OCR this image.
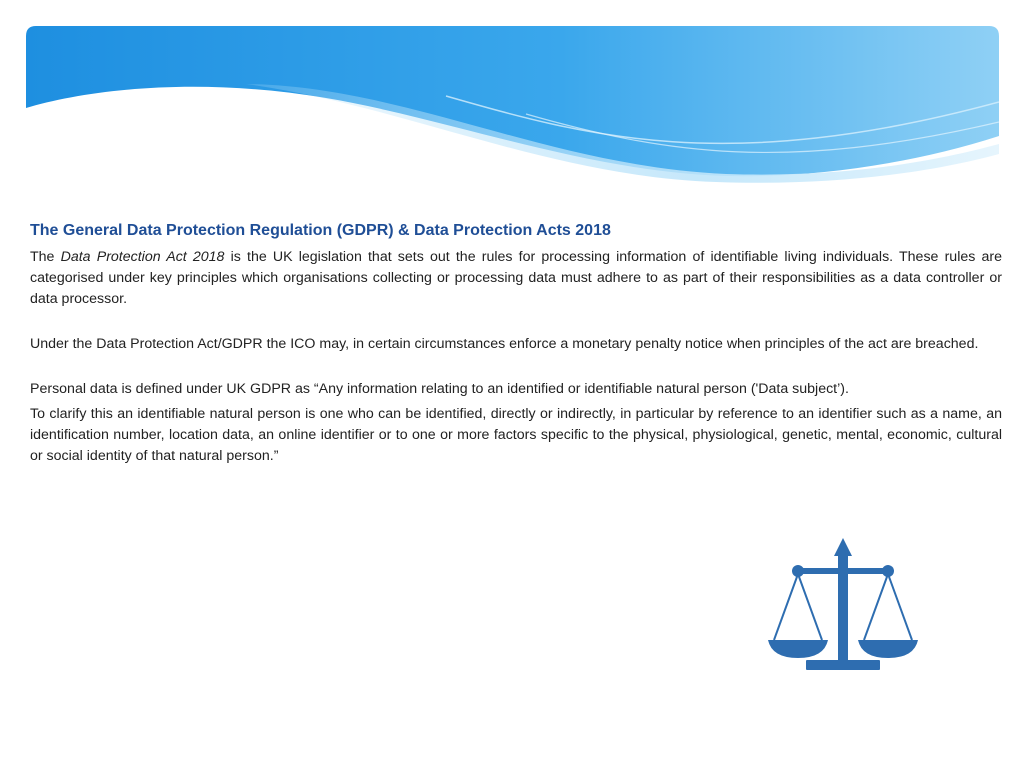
The General Data Protection Regulation (GDPR) & Data Protection Acts 2018

The Data Protection Act 2018 is the UK legislation that sets out the rules for processing information of identifiable living individuals. These rules are categorised under key principles which organisations collecting or processing data must adhere to as part of their responsibilities as a data controller or data processor.

Under the Data Protection Act/GDPR the ICO may, in certain circumstances enforce a monetary penalty notice when principles of the act are breached.

Personal data is defined under UK GDPR as “Any information relating to an identified or identifiable natural person ('Data subject’).

To clarify this an identifiable natural person is one who can be identified, directly or indirectly, in particular by reference to an identifier such as a name, an identification number, location data, an online identifier or to one or more factors specific to the physical, physiological, genetic, mental, economic, cultural or social identity of that natural person.”
